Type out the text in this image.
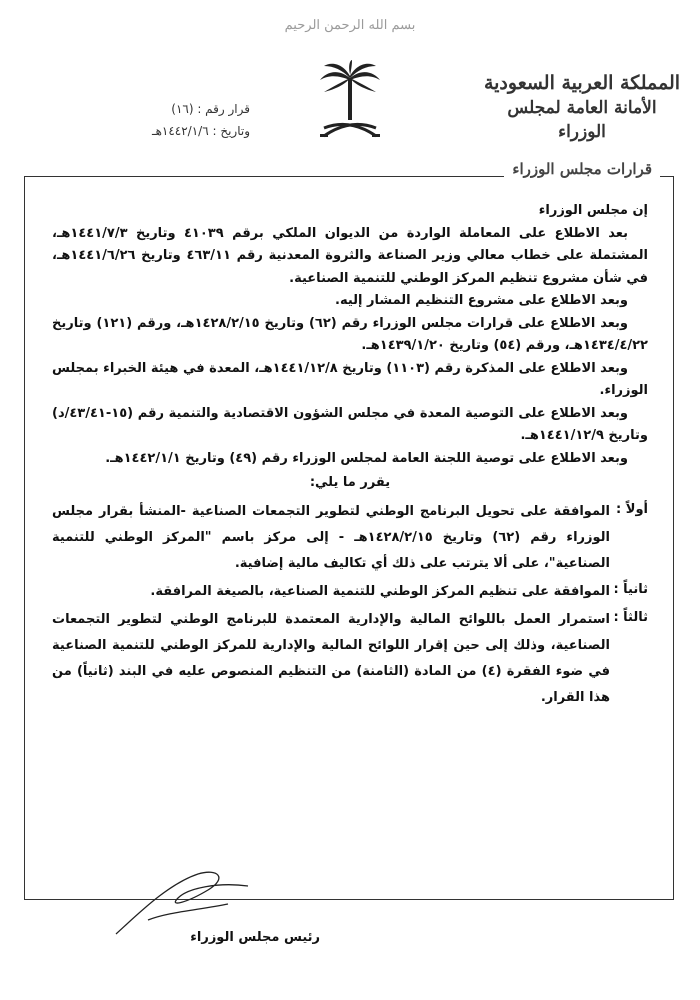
بسم الله الرحمن الرحيم
المملكة العربية السعودية
الأمانة العامة لمجلس الوزراء
قرار رقم : (١٦)
وتاريخ : ١٤٤٢/١/٦هـ
قرارات مجلس الوزراء

إن مجلس الوزراء

بعد الاطلاع على المعاملة الواردة من الديوان الملكي برقم ٤١٠٣٩ وتاريخ ١٤٤١/٧/٣هـ، المشتملة على خطاب معالي وزير الصناعة والثروة المعدنية رقم ٤٦٣/١١ وتاريخ ١٤٤١/٦/٢٦هـ، في شأن مشروع تنظيم المركز الوطني للتنمية الصناعية.

وبعد الاطلاع على مشروع التنظيم المشار إليه.

وبعد الاطلاع على قرارات مجلس الوزراء رقم (٦٢) وتاريخ ١٤٢٨/٢/١٥هـ، ورقم (١٢١) وتاريخ ١٤٣٤/٤/٢٢هـ، ورقم (٥٤) وتاريخ ١٤٣٩/١/٢٠هـ.

وبعد الاطلاع على المذكرة رقم (١١٠٣) وتاريخ ١٤٤١/١٢/٨هـ، المعدة في هيئة الخبراء بمجلس الوزراء.

وبعد الاطلاع على التوصية المعدة في مجلس الشؤون الاقتصادية والتنمية رقم (١٥-٤٣/٤١/د) وتاريخ ١٤٤١/١٢/٩هـ.

وبعد الاطلاع على توصية اللجنة العامة لمجلس الوزراء رقم (٤٩) وتاريخ ١٤٤٢/١/١هـ.

يقرر ما يلي:

أولاً :
الموافقة على تحويل البرنامج الوطني لتطوير التجمعات الصناعية -المنشأ بقرار مجلس الوزراء رقم (٦٢) وتاريخ ١٤٢٨/٢/١٥هـ - إلى مركز باسم "المركز الوطني للتنمية الصناعية"، على ألا يترتب على ذلك أي تكاليف مالية إضافية.
ثانياً :
الموافقة على تنظيم المركز الوطني للتنمية الصناعية، بالصيغة المرافقة.
ثالثاً :
استمرار العمل باللوائح المالية والإدارية المعتمدة للبرنامج الوطني لتطوير التجمعات الصناعية، وذلك إلى حين إقرار اللوائح المالية والإدارية للمركز الوطني للتنمية الصناعية في ضوء الفقرة (٤) من المادة (الثامنة) من التنظيم المنصوص عليه في البند (ثانياً) من هذا القرار.
رئيس مجلس الوزراء
